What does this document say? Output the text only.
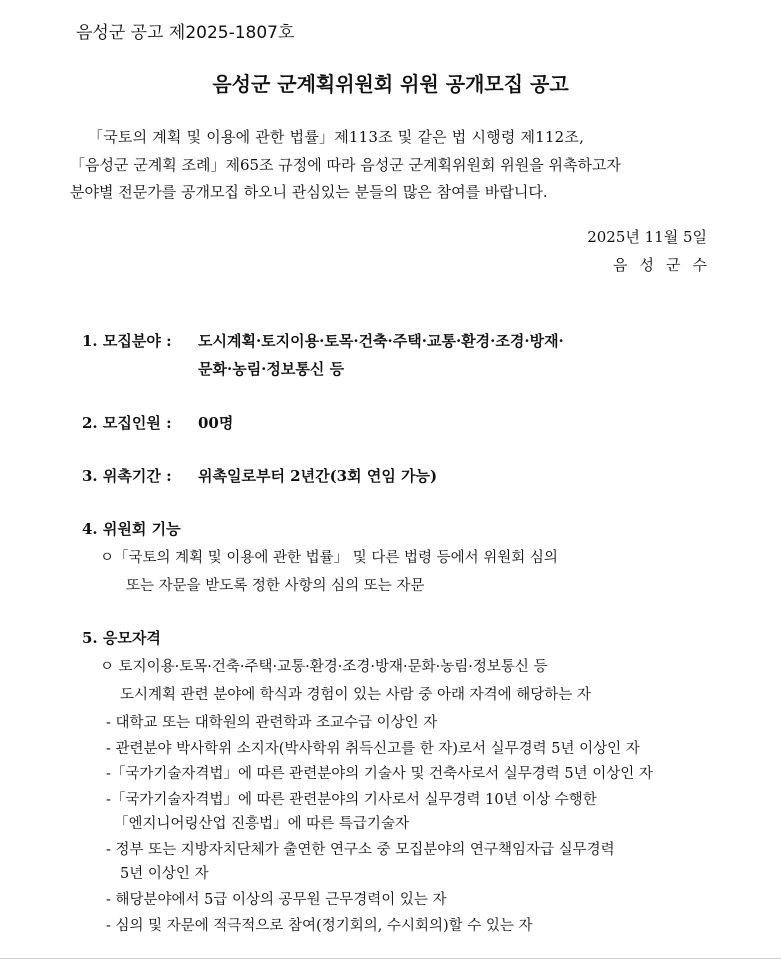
음성군 공고 제2025-1807호
음성군 군계획위원회 위원 공개모집 공고
「국토의 계획 및 이용에 관한 법률」제113조 및 같은 법 시행령 제112조,
「음성군 군계획 조례」제65조 규정에 따라 음성군 군계획위원회 위원을 위촉하고자
분야별 전문가를 공개모집 하오니 관심있는 분들의 많은 참여를 바랍니다.
2025년 11월 5일
음성군수
1. 모집분야 : 도시계획·토지이용·토목·건축·주택·교통·환경·조경·방재·
문화·농림·정보통신 등
2. 모집인원 : 00명
3. 위촉기간 : 위촉일로부터 2년간(3회 연임 가능)
4. 위원회 기능
ㅇ「국토의 계획 및 이용에 관한 법률」 및 다른 법령 등에서 위원회 심의
또는 자문을 받도록 정한 사항의 심의 또는 자문
5. 응모자격
ㅇ 토지이용·토목·건축·주택·교통·환경·조경·방재·문화·농림·정보통신 등
도시계획 관련 분야에 학식과 경험이 있는 사람 중 아래 자격에 해당하는 자
- 대학교 또는 대학원의 관련학과 조교수급 이상인 자
- 관련분야 박사학위 소지자(박사학위 취득신고를 한 자)로서 실무경력 5년 이상인 자
-「국가기술자격법」에 따른 관련분야의 기술사 및 건축사로서 실무경력 5년 이상인 자
-「국가기술자격법」에 따른 관련분야의 기사로서 실무경력 10년 이상 수행한
「엔지니어링산업 진흥법」에 따른 특급기술자
- 정부 또는 지방자치단체가 출연한 연구소 중 모집분야의 연구책임자급 실무경력
5년 이상인 자
- 해당분야에서 5급 이상의 공무원 근무경력이 있는 자
- 심의 및 자문에 적극적으로 참여(정기회의, 수시회의)할 수 있는 자
